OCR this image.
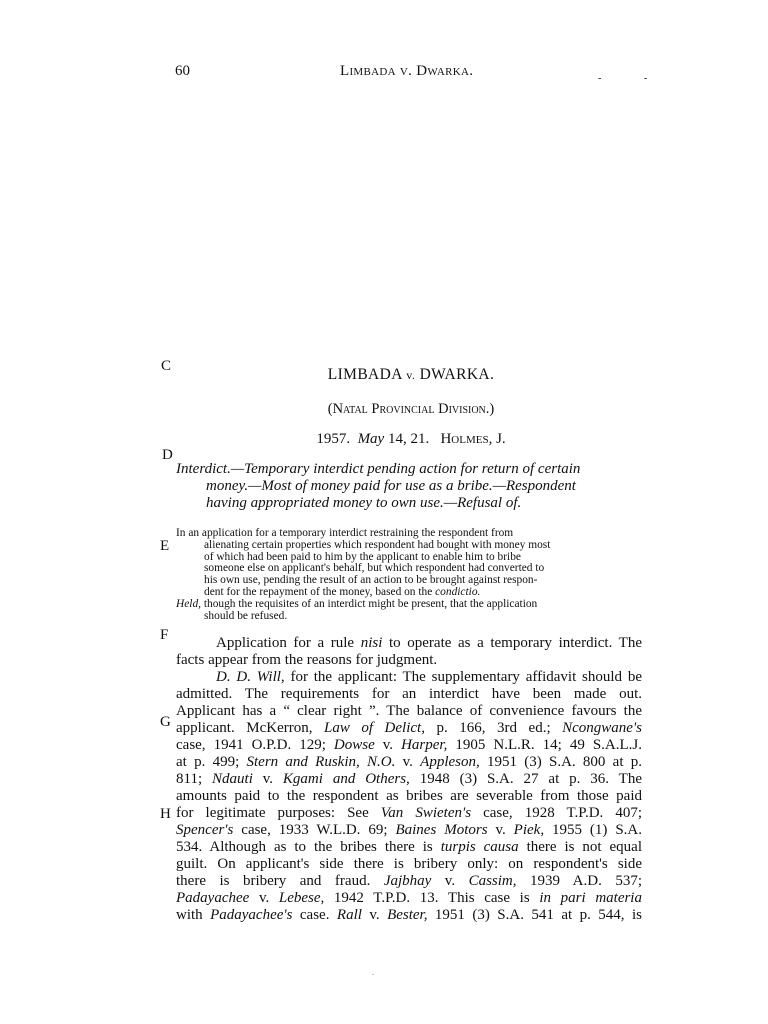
60	Limbada v. Dwarka.	- -
C
D
E
F
G
H
LIMBADA v. DWARKA.
(Natal Provincial Division.)
1957. May 14, 21. Holmes, J.
Interdict.—Temporary interdict pending action for return of certain
money.—Most of money paid for use as a bribe.—Respondent
having appropriated money to own use.—Refusal of.
In an application for a temporary interdict restraining the respondent from
alienating certain properties which respondent had bought with money most
of which had been paid to him by the applicant to enable him to bribe
someone else on applicant's behalf, but which respondent had converted to
his own use, pending the result of an action to be brought against respon-
dent for the repayment of the money, based on the condictio.
Held, though the requisites of an interdict might be present, that the application
should be refused.
Application for a rule nisi to operate as a temporary interdict. The
facts appear from the reasons for judgment.
D. D. Will, for the applicant: The supplementary affidavit should be
admitted. The requirements for an interdict have been made out.
Applicant has a “ clear right ”. The balance of convenience favours the
applicant. McKerron, Law of Delict, p. 166, 3rd ed.; Ncongwane's
case, 1941 O.P.D. 129; Dowse v. Harper, 1905 N.L.R. 14; 49 S.A.L.J.
at p. 499; Stern and Ruskin, N.O. v. Appleson, 1951 (3) S.A. 800 at p.
811; Ndauti v. Kgami and Others, 1948 (3) S.A. 27 at p. 36. The
amounts paid to the respondent as bribes are severable from those paid
for legitimate purposes: See Van Swieten's case, 1928 T.P.D. 407;
Spencer's case, 1933 W.L.D. 69; Baines Motors v. Piek, 1955 (1) S.A.
534. Although as to the bribes there is turpis causa there is not equal
guilt. On applicant's side there is bribery only: on respondent's side
there is bribery and fraud. Jajbhay v. Cassim, 1939 A.D. 537;
Padayachee v. Lebese, 1942 T.P.D. 13. This case is in pari materia
with Padayachee's case. Rall v. Bester, 1951 (3) S.A. 541 at p. 544, is
.
